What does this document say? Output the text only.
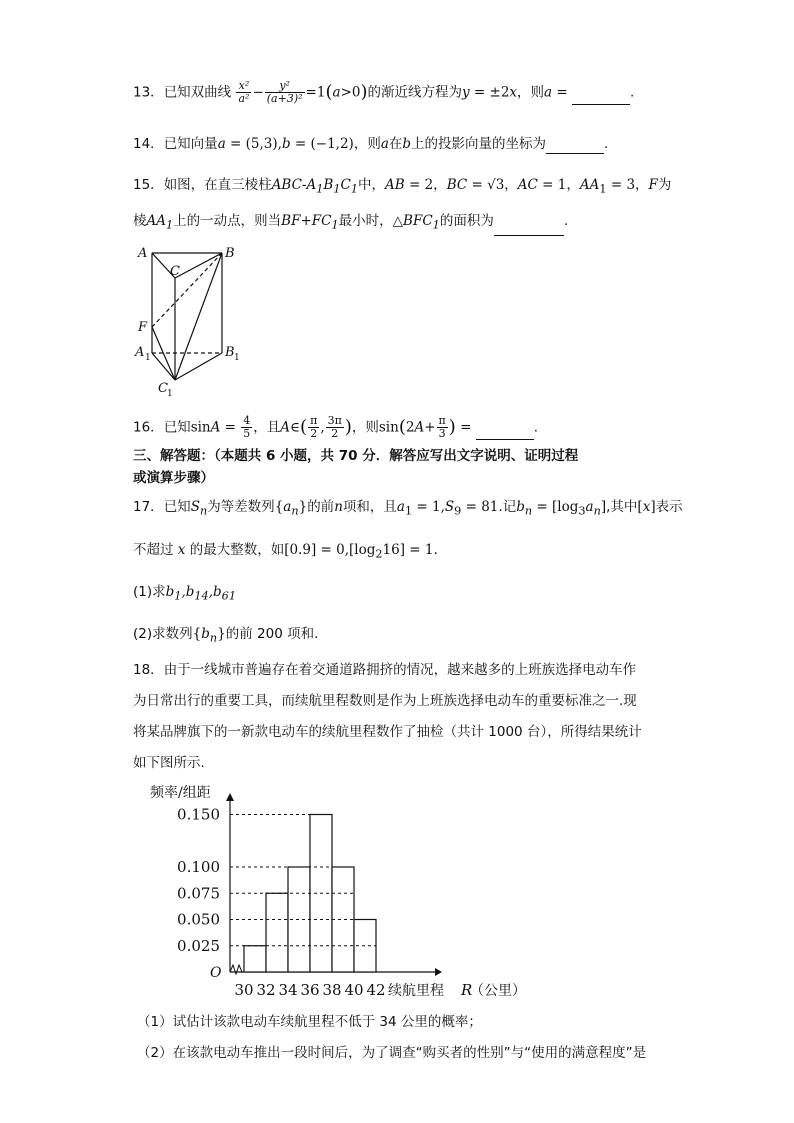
13．已知双曲线 $\frac{\text{x²}}{\text{a²}} - \frac{\text{y²}}{\text{(a+3)²}} =1(a>0)$的渐近线方程为y = ±2x，则a =	.
14．已知向量a = (5,3),b = (−1,2)，则a在b上的投影向量的坐标为	.
15．如图，在直三棱柱ABC-$A_1B_1C_1$中，AB = 2，BC = √3，AC = 1，$AA_1 = 3$，F为
棱$AA_1$上的一动点，则当$BF+FC_1$最小时，$\triangle BFC_1$的面积为	.
A	B
C
F
A 1	B 1
C 1
16．已知$\sin A = \frac{4}{5}$ ，且A∈( $\frac{\pi}{2}$ , $\frac{3\pi}{2}$ )，则$\sin(2A+ \frac{\pi}{3}$ ) =	.
三、解答题：（本题共 6 小题，共 70 分．解答应写出文字说明、证明过程
或演算步骤）
17．已知$S_n$为等差数列$\{a_n\}$的前n项和，且$a_1 = 1,S_9 = 81$.记$b_n = [\log_3a_n]$,其中[x]表示
不超过 x 的最大整数，如$[0.9] = 0,[\log_216] = 1$.
(1)求$b_1,b_{14},b_{61}$
(2)求数列$\{b_n\}$的前 200 项和.
18．由于一线城市普遍存在着交通道路拥挤的情况，越来越多的上班族选择电动车作
为日常出行的重要工具，而续航里程数则是作为上班族选择电动车的重要标准之一.现
将某品牌旗下的一新款电动车的续航里程数作了抽检（共计 1000 台），所得结果统计
如下图所示.
0.025
0.050
0.075
0.100
0.150
30 32 34 36 38 40 42
O
频率/组距
续航里程 R
（公里）
（1）试估计该款电动车续航里程不低于 34 公里的概率；
（2）在该款电动车推出一段时间后，为了调查“购买者的性别”与“使用的满意程度”是
